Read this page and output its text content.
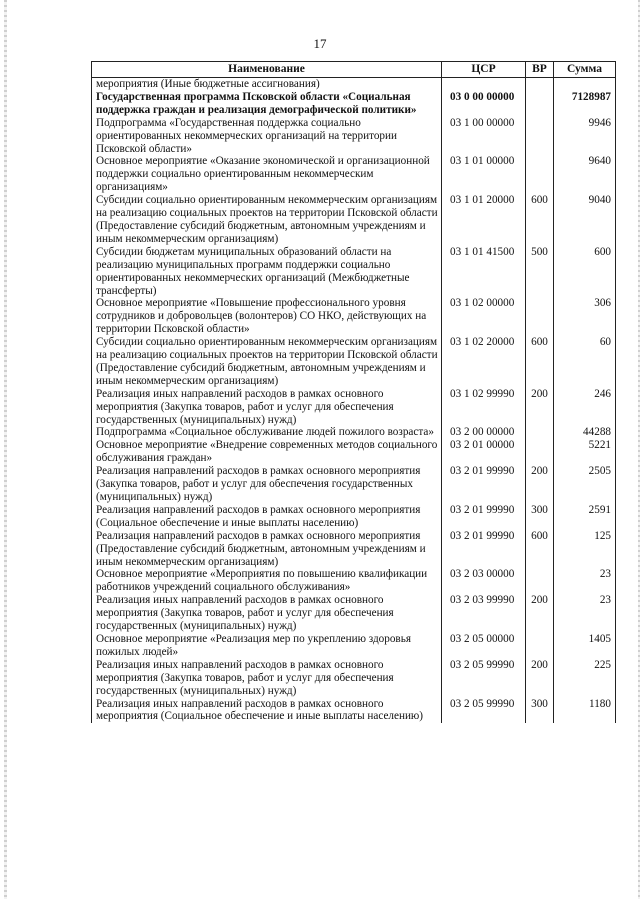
17
Наименование	ЦСР	ВР	Сумма
мероприятия (Иные бюджетные ассигнования)			
Государственная программа Псковской области «Социальная поддержка граждан и реализация демографической политики»	03 0 00 00000		7128987
Подпрограмма «Государственная поддержка социально ориентированных некоммерческих организаций на территории Псковской области»	03 1 00 00000		9946
Основное мероприятие «Оказание экономической и организационной поддержки социально ориентированным некоммерческим организациям»	03 1 01 00000		9640
Субсидии социально ориентированным некоммерческим организациям на реализацию социальных проектов на территории Псковской области (Предоставление субсидий бюджетным, автономным учреждениям и иным некоммерческим организациям)	03 1 01 20000	600	9040
Субсидии бюджетам муниципальных образований области на реализацию муниципальных программ поддержки социально ориентированных некоммерческих организаций (Межбюджетные трансферты)	03 1 01 41500	500	600
Основное мероприятие «Повышение профессионального уровня сотрудников и добровольцев (волонтеров) СО НКО, действующих на территории Псковской области»	03 1 02 00000		306
Субсидии социально ориентированным некоммерческим организациям на реализацию социальных проектов на территории Псковской области (Предоставление субсидий бюджетным, автономным учреждениям и иным некоммерческим организациям)	03 1 02 20000	600	60
Реализация иных направлений расходов в рамках основного мероприятия (Закупка товаров, работ и услуг для обеспечения государственных (муниципальных) нужд)	03 1 02 99990	200	246
Подпрограмма «Социальное обслуживание людей пожилого возраста»	03 2 00 00000		44288
Основное мероприятие «Внедрение современных методов социального обслуживания граждан»	03 2 01 00000		5221
Реализация направлений расходов в рамках основного мероприятия (Закупка товаров, работ и услуг для обеспечения государственных (муниципальных) нужд)	03 2 01 99990	200	2505
Реализация направлений расходов в рамках основного мероприятия (Социальное обеспечение и иные выплаты населению)	03 2 01 99990	300	2591
Реализация направлений расходов в рамках основного мероприятия (Предоставление субсидий бюджетным, автономным учреждениям и иным некоммерческим организациям)	03 2 01 99990	600	125
Основное мероприятие «Мероприятия по повышению квалификации работников учреждений социального обслуживания»	03 2 03 00000		23
Реализация иных направлений расходов в рамках основного мероприятия (Закупка товаров, работ и услуг для обеспечения государственных (муниципальных) нужд)	03 2 03 99990	200	23
Основное мероприятие «Реализация мер по укреплению здоровья пожилых людей»	03 2 05 00000		1405
Реализация иных направлений расходов в рамках основного мероприятия (Закупка товаров, работ и услуг для обеспечения государственных (муниципальных) нужд)	03 2 05 99990	200	225
Реализация иных направлений расходов в рамках основного мероприятия (Социальное обеспечение и иные выплаты населению)	03 2 05 99990	300	1180
